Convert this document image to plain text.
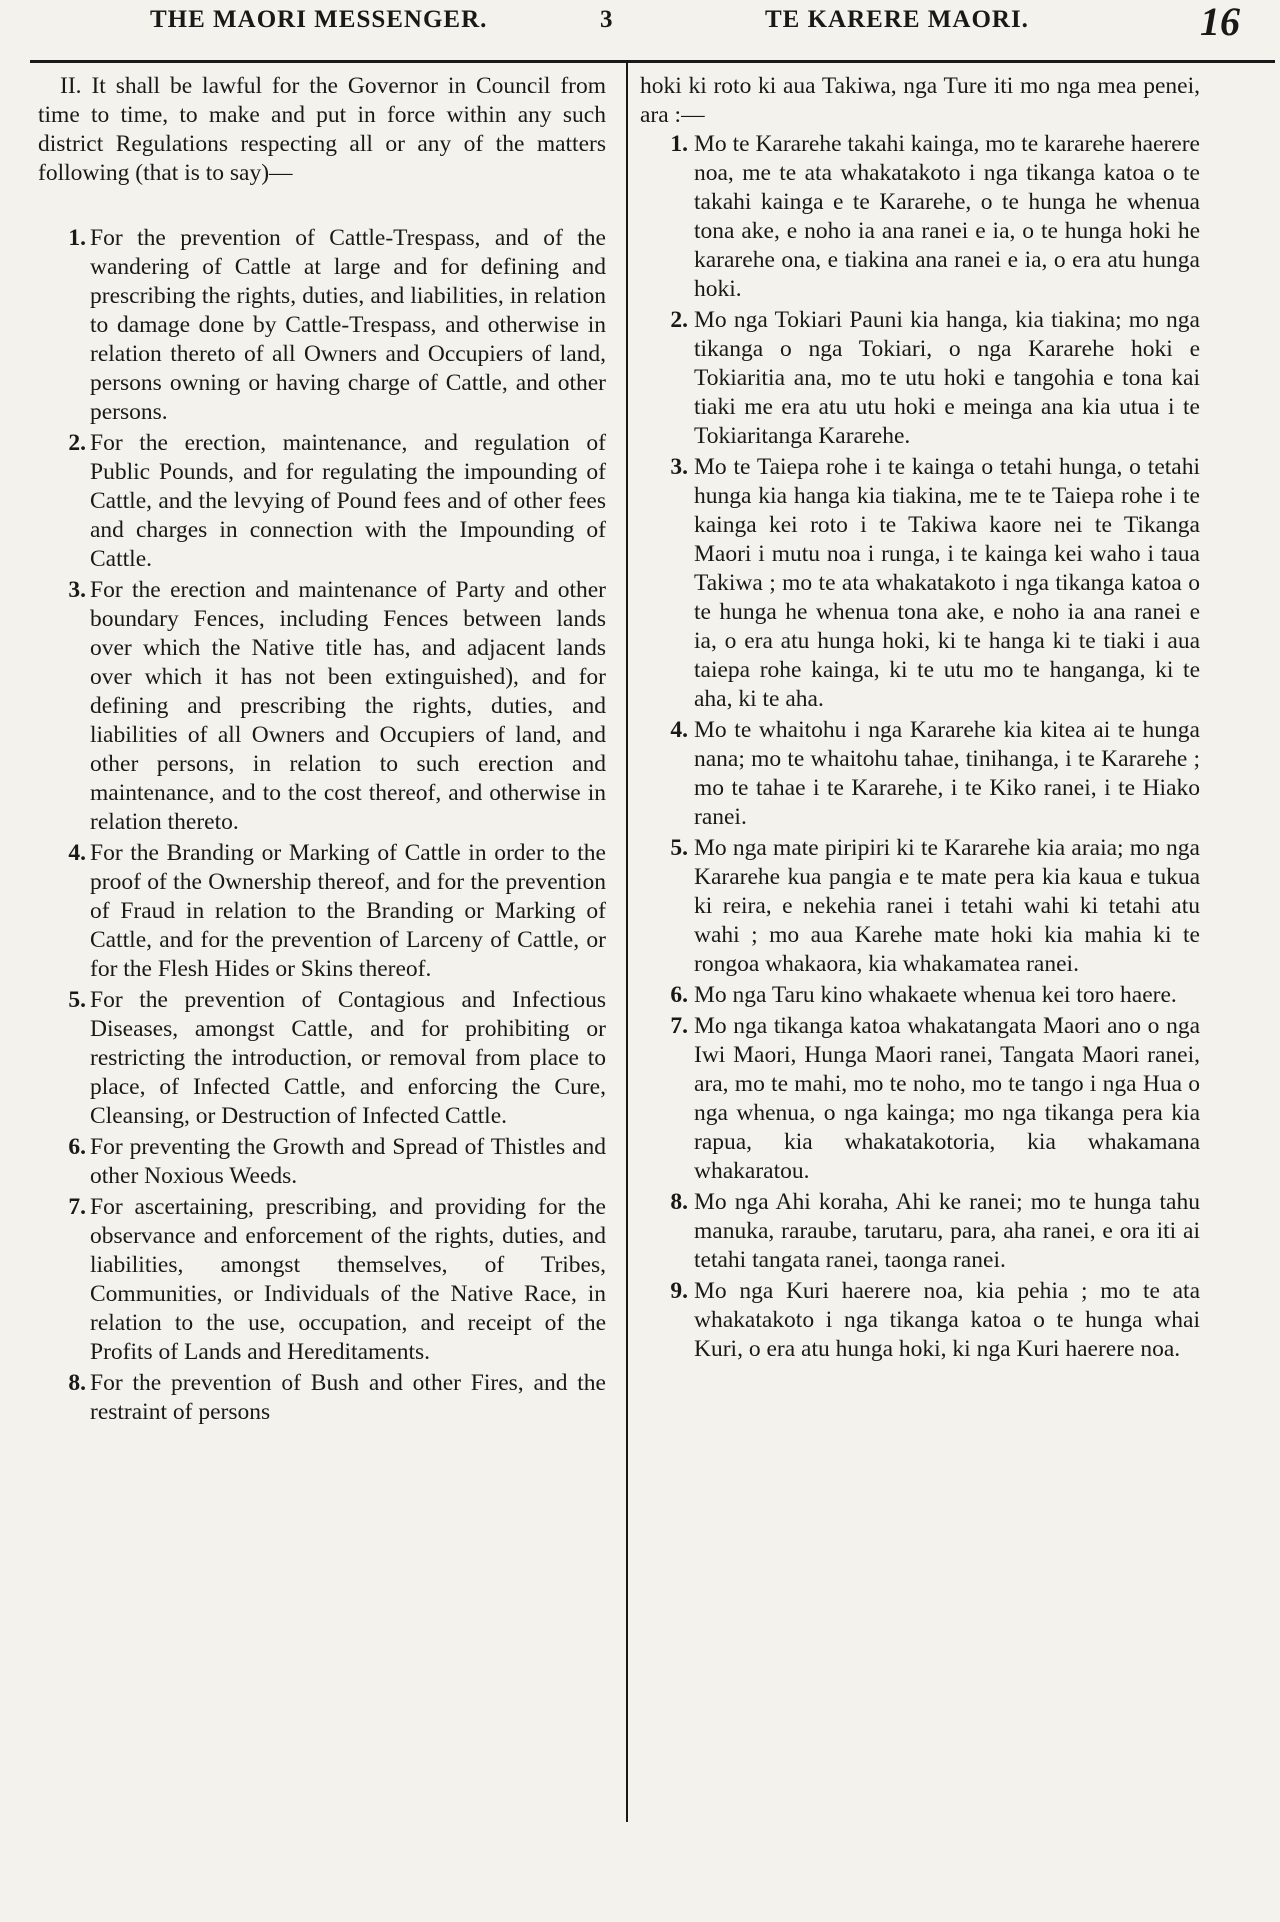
THE MAORI MESSENGER.	3	TE KARERE MAORI.	16

II. It shall be lawful for the Governor in Council from time to time, to make and put in force within any such district Regulations respecting all or any of the matters following (that is to say)—

1. For the prevention of Cattle-Trespass, and of the wandering of Cattle at large and for defining and prescribing the rights, duties, and liabilities, in relation to damage done by Cattle-Trespass, and otherwise in relation thereto of all Owners and Occupiers of land, persons owning or having charge of Cattle, and other persons.
2. For the erection, maintenance, and regulation of Public Pounds, and for regulating the impounding of Cattle, and the levying of Pound fees and of other fees and charges in connection with the Impounding of Cattle.
3. For the erection and maintenance of Party and other boundary Fences, including Fences between lands over which the Native title has, and adjacent lands over which it has not been extinguished), and for defining and prescribing the rights, duties, and liabilities of all Owners and Occupiers of land, and other persons, in relation to such erection and maintenance, and to the cost thereof, and otherwise in relation thereto.
4. For the Branding or Marking of Cattle in order to the proof of the Ownership thereof, and for the prevention of Fraud in relation to the Branding or Marking of Cattle, and for the prevention of Larceny of Cattle, or for the Flesh Hides or Skins thereof.
5. For the prevention of Contagious and Infectious Diseases, amongst Cattle, and for prohibiting or restricting the introduction, or removal from place to place, of Infected Cattle, and enforcing the Cure, Cleansing, or Destruction of Infected Cattle.
6. For preventing the Growth and Spread of Thistles and other Noxious Weeds.
7. For ascertaining, prescribing, and providing for the observance and enforcement of the rights, duties, and liabilities, amongst themselves, of Tribes, Communities, or Individuals of the Native Race, in relation to the use, occupation, and receipt of the Profits of Lands and Hereditaments.
8. For the prevention of Bush and other Fires, and the restraint of persons

hoki ki roto ki aua Takiwa, nga Ture iti mo nga mea penei, ara :—

1. Mo te Kararehe takahi kainga, mo te kararehe haerere noa, me te ata whakatakoto i nga tikanga katoa o te takahi kainga e te Kararehe, o te hunga he whenua tona ake, e noho ia ana ranei e ia, o te hunga hoki he kararehe ona, e tiakina ana ranei e ia, o era atu hunga hoki.
2. Mo nga Tokiari Pauni kia hanga, kia tiakina; mo nga tikanga o nga Tokiari, o nga Kararehe hoki e Tokiaritia ana, mo te utu hoki e tangohia e tona kai tiaki me era atu utu hoki e meinga ana kia utua i te Tokiaritanga Kararehe.
3. Mo te Taiepa rohe i te kainga o tetahi hunga, o tetahi hunga kia hanga kia tiakina, me te te Taiepa rohe i te kainga kei roto i te Takiwa kaore nei te Tikanga Maori i mutu noa i runga, i te kainga kei waho i taua Takiwa ; mo te ata whakatakoto i nga tikanga katoa o te hunga he whenua tona ake, e noho ia ana ranei e ia, o era atu hunga hoki, ki te hanga ki te tiaki i aua taiepa rohe kainga, ki te utu mo te hanganga, ki te aha, ki te aha.
4. Mo te whaitohu i nga Kararehe kia kitea ai te hunga nana; mo te whaitohu tahae, tinihanga, i te Kararehe ; mo te tahae i te Kararehe, i te Kiko ranei, i te Hiako ranei.
5. Mo nga mate piripiri ki te Kararehe kia araia; mo nga Kararehe kua pangia e te mate pera kia kaua e tukua ki reira, e nekehia ranei i tetahi wahi ki tetahi atu wahi ; mo aua Karehe mate hoki kia mahia ki te rongoa whakaora, kia whakamatea ranei.
6. Mo nga Taru kino whakaete whenua kei toro haere.
7. Mo nga tikanga katoa whakatangata Maori ano o nga Iwi Maori, Hunga Maori ranei, Tangata Maori ranei, ara, mo te mahi, mo te noho, mo te tango i nga Hua o nga whenua, o nga kainga; mo nga tikanga pera kia rapua, kia whakatakotoria, kia whakamana whakaratou.
8. Mo nga Ahi koraha, Ahi ke ranei; mo te hunga tahu manuka, raraube, tarutaru, para, aha ranei, e ora iti ai tetahi tangata ranei, taonga ranei.
9. Mo nga Kuri haerere noa, kia pehia ; mo te ata whakatakoto i nga tikanga katoa o te hunga whai Kuri, o era atu hunga hoki, ki nga Kuri haerere noa.
